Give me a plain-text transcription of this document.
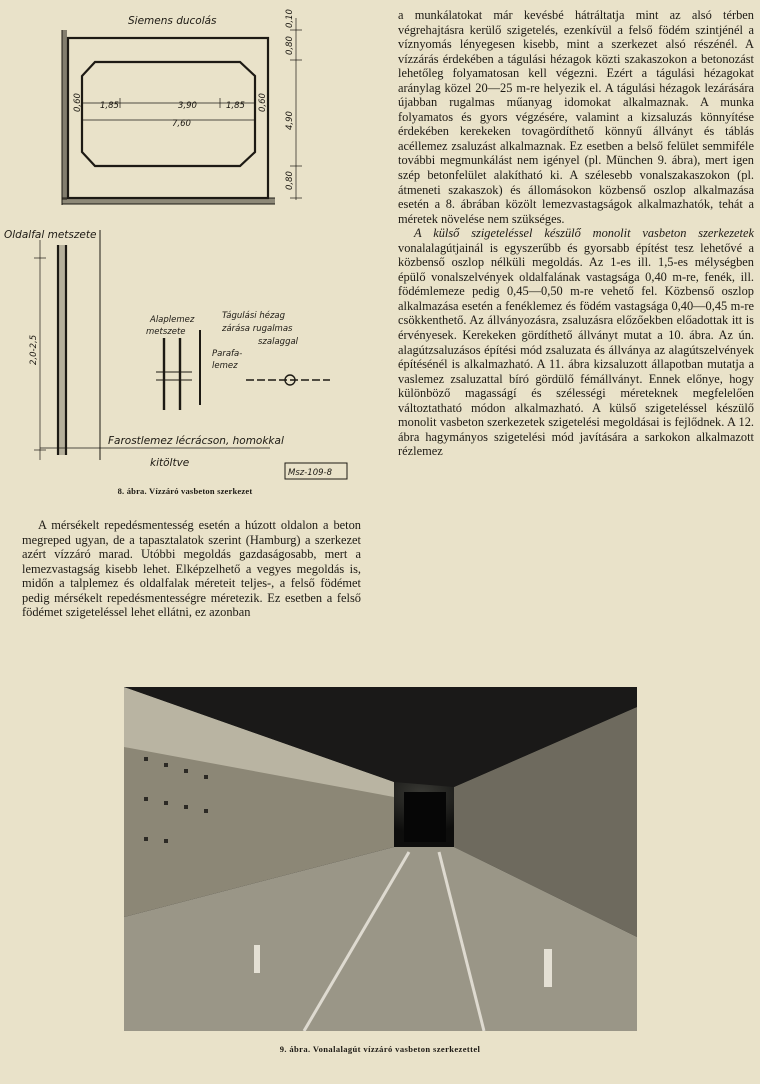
Siemens ducolás
Oldalfal metszete
Alaplemez
metszete
Tágulási hézag
zárása rugalmas
szalaggal
Parafa-
lemez
Farostlemez lécrácson, homokkal
kitöltve
Msz-109-8
1,85	3,90	1,85
7,60
0,60	0,60
0,80
0,10
4,90
0,80
2,0-2,5
8. ábra. Vízzáró vasbeton szerkezet

A mérsékelt repedésmentesség esetén a húzott oldalon a beton megreped ugyan, de a tapasztalatok szerint (Hamburg) a szerkezet azért vízzáró marad. Utóbbi megoldás gazdaságosabb, mert a lemezvastagság kisebb lehet. Elképzelhető a vegyes megoldás is, midőn a talplemez és oldalfalak méreteit teljes-, a felső födémet pedig mérsékelt repedésmentességre méretezik. Ez esetben a felső födémet szigeteléssel lehet ellátni, ez azonban

a munkálatokat már kevésbé hátráltatja mint az alsó térben végrehajtásra kerülő szigetelés, ezenkívül a felső födém szintjénél a víznyomás lényegesen kisebb, mint a szerkezet alsó részénél. A vízzárás érdekében a tágulási hézagok közti szakaszokon a betonozást lehetőleg folyamatosan kell végezni. Ezért a tágulási hézagokat aránylag közel 20—25 m-re helyezik el. A tágulási hézagok lezárására újabban rugalmas műanyag idomokat alkalmaznak. A munka folyamatos és gyors végzésére, valamint a kizsaluzás könnyítése érdekében kerekeken tovagördíthető könnyű állványt és táblás acéllemez zsaluzást alkalmaznak. Ez esetben a belső felület semmiféle további megmunkálást nem igényel (pl. München 9. ábra), mert igen szép betonfelület alakítható ki. A szélesebb vonalszakaszokon (pl. átmeneti szakaszok) és állomásokon közbenső oszlop alkalmazása esetén a 8. ábrában közölt lemezvastagságok alkalmazhatók, tehát a méretek növelése nem szükséges.

A külső szigeteléssel készülő monolit vasbeton szerkezetek vonalalagútjainál is egyszerűbb és gyorsabb építést tesz lehetővé a közbenső oszlop nélküli megoldás. Az 1-es ill. 1,5-es mélységben épülő vonalszelvények oldalfalának vastagsága 0,40 m-re, fenék, ill. födémlemeze pedig 0,45—0,50 m-re vehető fel. Közbenső oszlop alkalmazása esetén a fenéklemez és födém vastagsága 0,40—0,45 m-re csökkenthető. Az állványozásra, zsaluzásra előzőekben előadottak itt is érvényesek. Kerekeken gördíthető állványt mutat a 10. ábra. Az ún. alagútzsaluzásos építési mód zsaluzata és állványa az alagútszelvények építésénél is alkalmazható. A 11. ábra kizsaluzott állapotban mutatja a vaslemez zsaluzattal bíró gördülő fémállványt. Ennek előnye, hogy különböző magasságí és szélességi méreteknek megfelelően változtatható módon alkalmazható. A külső szigeteléssel készülő monolit vasbeton szerkezetek szigetelési megoldásai is fejlődnek. A 12. ábra hagymányos szigetelési mód javítására a sarkokon alkalmazott rézlemez

9. ábra. Vonalalagút vízzáró vasbeton szerkezettel
